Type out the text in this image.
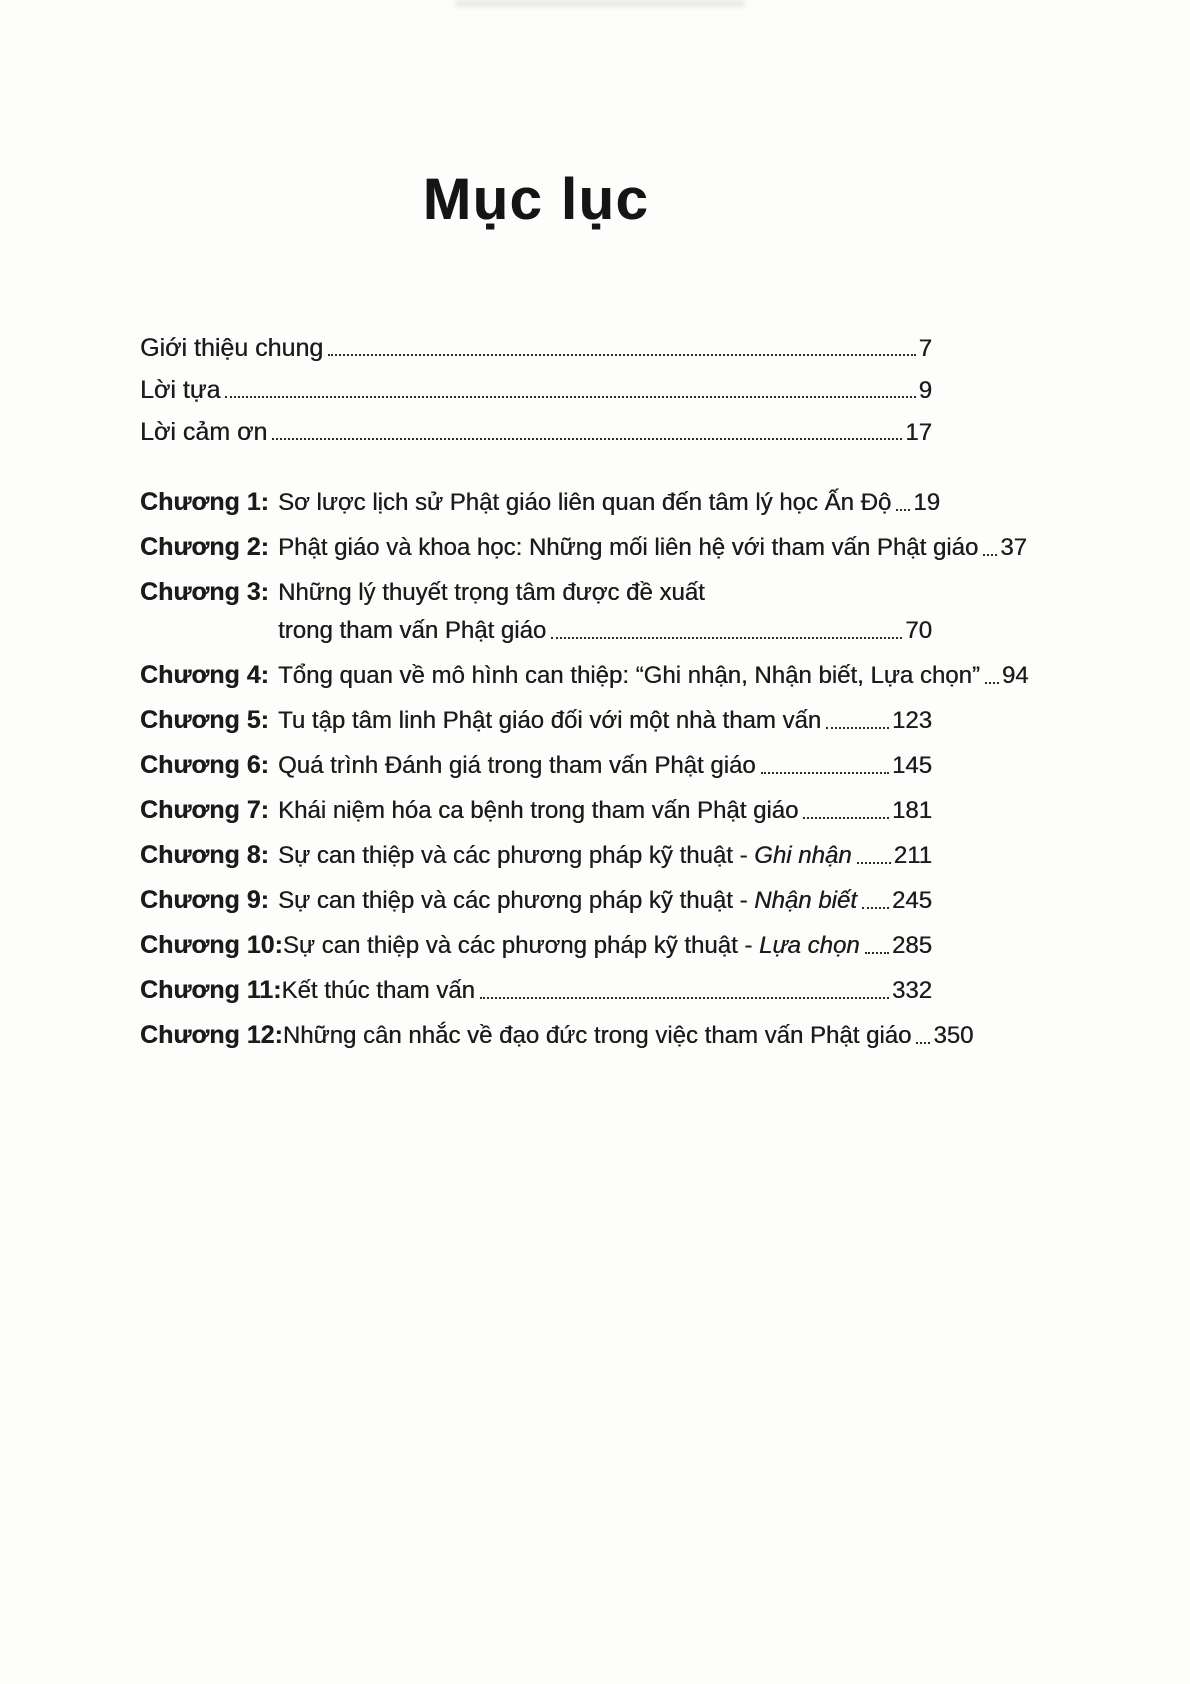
Mục lục
Giới thiệu chung	7
Lời tựa	9
Lời cảm ơn	17
Chương 1: Sơ lược lịch sử Phật giáo liên quan đến tâm lý học Ấn Độ 19
Chương 2: Phật giáo và khoa học: Những mối liên hệ với tham vấn Phật giáo 37
Chương 3: Những lý thuyết trọng tâm được đề xuất
trong tham vấn Phật giáo	70
Chương 4: Tổng quan về mô hình can thiệp: “Ghi nhận, Nhận biết, Lựa chọn” 94
Chương 5: Tu tập tâm linh Phật giáo đối với một nhà tham vấn	123
Chương 6: Quá trình Đánh giá trong tham vấn Phật giáo	145
Chương 7: Khái niệm hóa ca bệnh trong tham vấn Phật giáo	181
Chương 8: Sự can thiệp và các phương pháp kỹ thuật - Ghi nhận 211
Chương 9: Sự can thiệp và các phương pháp kỹ thuật - Nhận biết 245
Chương 10: Sự can thiệp và các phương pháp kỹ thuật - Lựa chọn 285
Chương 11: Kết thúc tham vấn	332
Chương 12: Những cân nhắc về đạo đức trong việc tham vấn Phật giáo 350
